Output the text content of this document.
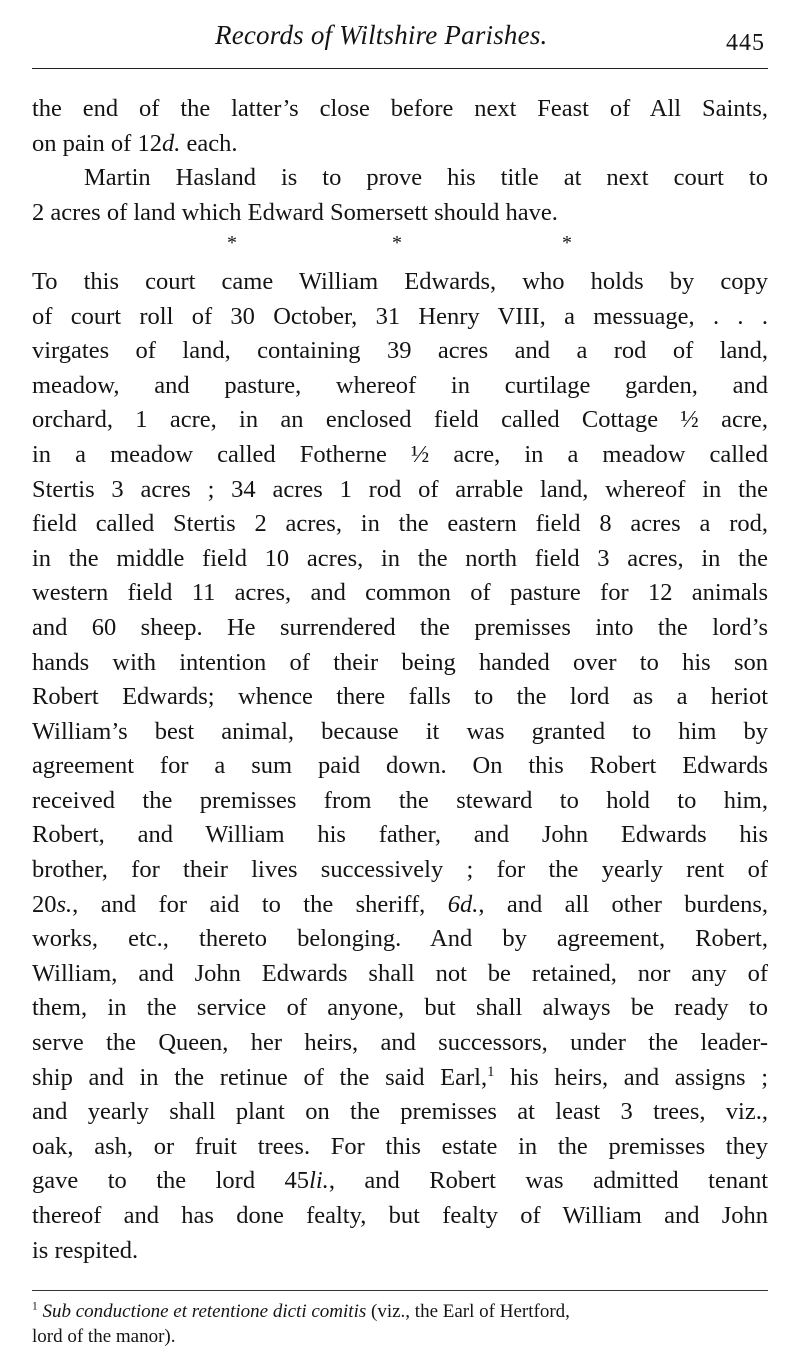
Records of Wiltshire Parishes.	445
the end of the latter’s close before next Feast of All Saints,
on pain of 12d. each.
Martin Hasland is to prove his title at next court to
2 acres of land which Edward Somersett should have.
*	*	*
To this court came William Edwards, who holds by copy
of court roll of 30 October, 31 Henry VIII, a messuage, . . .
virgates of land, containing 39 acres and a rod of land,
meadow, and pasture, whereof in curtilage garden, and
orchard, 1 acre, in an enclosed field called Cottage ½ acre,
in a meadow called Fotherne ½ acre, in a meadow called
Stertis 3 acres ; 34 acres 1 rod of arrable land, whereof in the
field called Stertis 2 acres, in the eastern field 8 acres a rod,
in the middle field 10 acres, in the north field 3 acres, in the
western field 11 acres, and common of pasture for 12 animals
and 60 sheep. He surrendered the premisses into the lord’s
hands with intention of their being handed over to his son
Robert Edwards; whence there falls to the lord as a heriot
William’s best animal, because it was granted to him by
agreement for a sum paid down. On this Robert Edwards
received the premisses from the steward to hold to him,
Robert, and William his father, and John Edwards his
brother, for their lives successively ; for the yearly rent of
20s., and for aid to the sheriff, 6d., and all other burdens,
works, etc., thereto belonging. And by agreement, Robert,
William, and John Edwards shall not be retained, nor any of
them, in the service of anyone, but shall always be ready to
serve the Queen, her heirs, and successors, under the leader-
ship and in the retinue of the said Earl,$^1$ his heirs, and assigns ;
and yearly shall plant on the premisses at least 3 trees, viz.,
oak, ash, or fruit trees. For this estate in the premisses they
gave to the lord 45li., and Robert was admitted tenant
thereof and has done fealty, but fealty of William and John
is respited.
$^1$ Sub conductione et retentione dicti comitis (viz., the Earl of Hertford,
lord of the manor).
